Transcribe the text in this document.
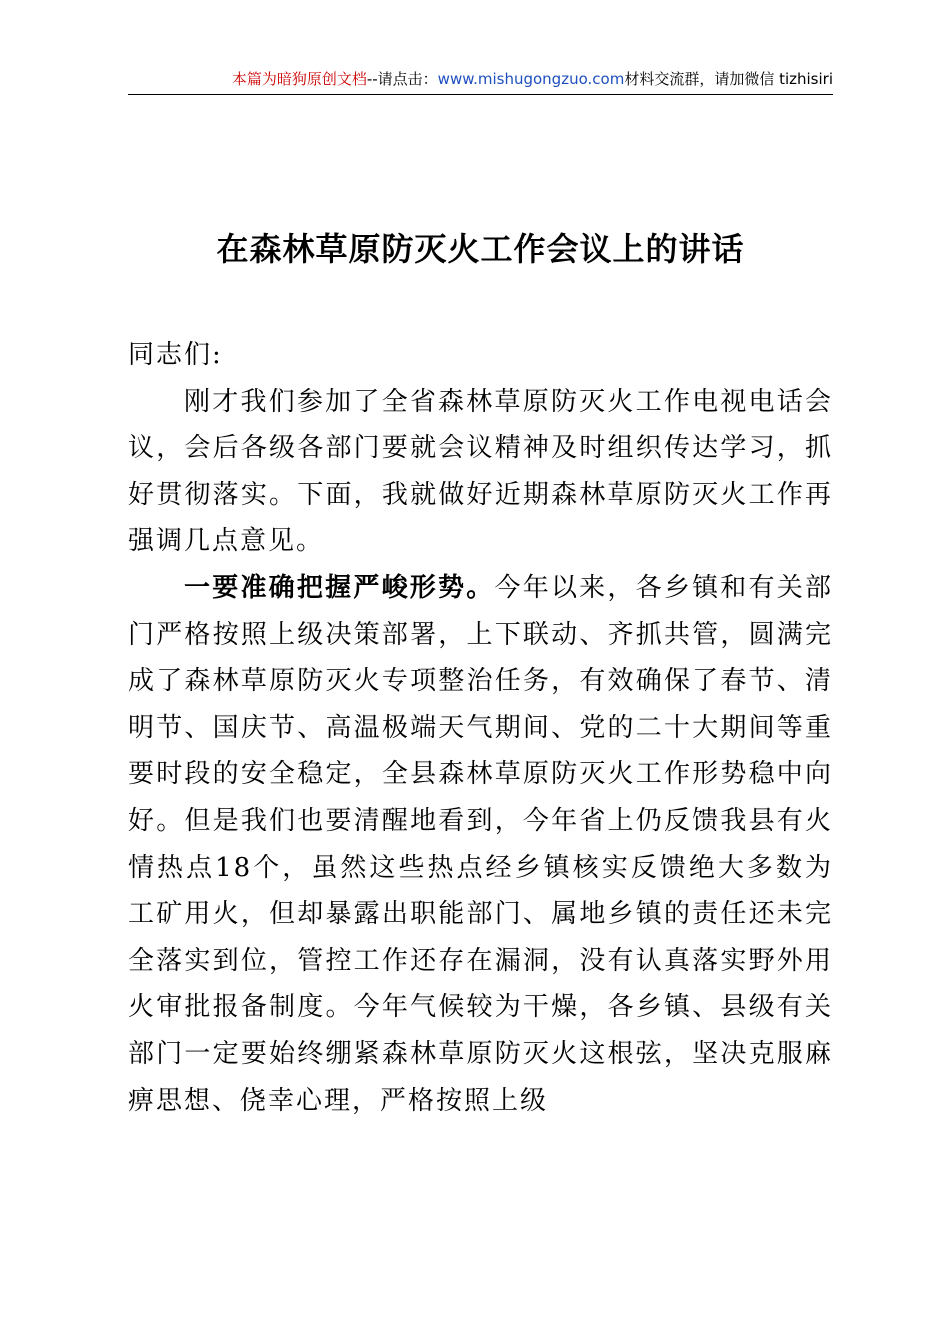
本篇为暗狗原创文档--请点击：www.mishugongzuo.com材料交流群，请加微信 tizhisiri
在森林草原防灭火工作会议上的讲话

同志们:

刚才我们参加了全省森林草原防灭火工作电视电话会议，会后各级各部门要就会议精神及时组织传达学习，抓好贯彻落实。下面，我就做好近期森林草原防灭火工作再强调几点意见。

一要准确把握严峻形势。今年以来，各乡镇和有关部门严格按照上级决策部署，上下联动、齐抓共管，圆满完成了森林草原防灭火专项整治任务，有效确保了春节、清明节、国庆节、高温极端天气期间、党的二十大期间等重要时段的安全稳定，全县森林草原防灭火工作形势稳中向好。但是我们也要清醒地看到，今年省上仍反馈我县有火情热点18个，虽然这些热点经乡镇核实反馈绝大多数为工矿用火，但却暴露出职能部门、属地乡镇的责任还未完全落实到位，管控工作还存在漏洞，没有认真落实野外用火审批报备制度。今年气候较为干燥，各乡镇、县级有关部门一定要始终绷紧森林草原防灭火这根弦，坚决克服麻痹思想、侥幸心理，严格按照上级
